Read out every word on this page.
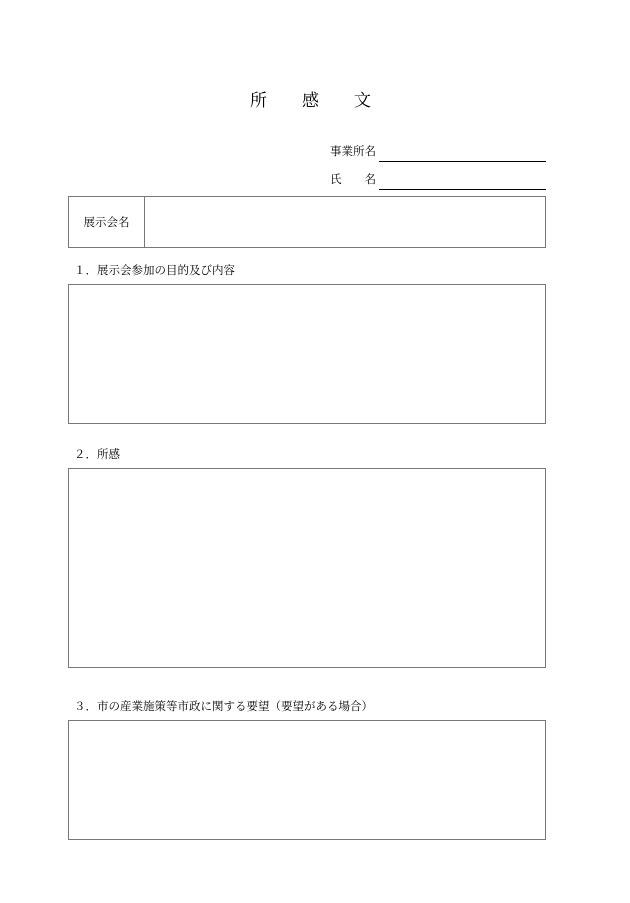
所　感　文
事業所名
氏　　名
展示会名
１．展示会参加の目的及び内容
２．所感
３．市の産業施策等市政に関する要望（要望がある場合）
